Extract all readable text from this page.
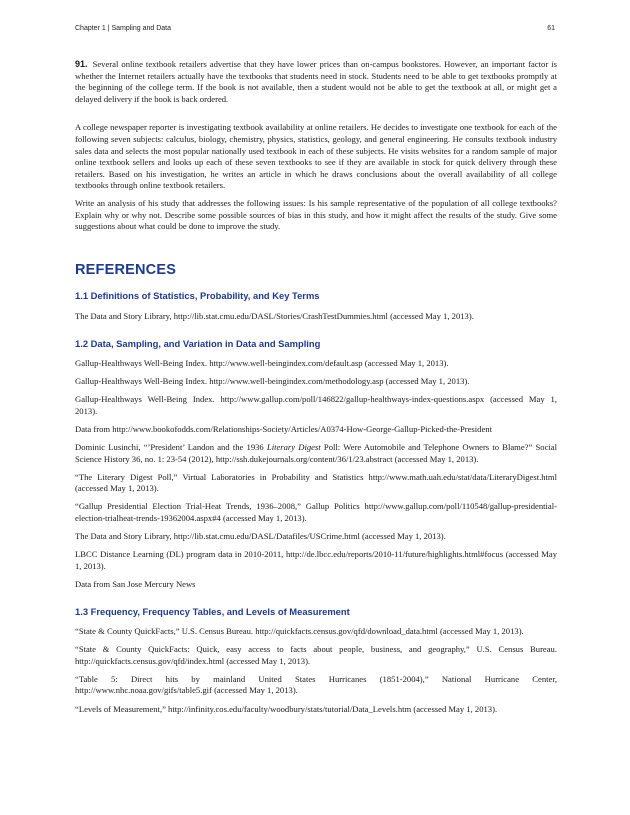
Chapter 1 | Sampling and Data	61

91. Several online textbook retailers advertise that they have lower prices than on-campus bookstores. However, an important factor is whether the Internet retailers actually have the textbooks that students need in stock. Students need to be able to get textbooks promptly at the beginning of the college term. If the book is not available, then a student would not be able to get the textbook at all, or might get a delayed delivery if the book is back ordered.

A college newspaper reporter is investigating textbook availability at online retailers. He decides to investigate one textbook for each of the following seven subjects: calculus, biology, chemistry, physics, statistics, geology, and general engineering. He consults textbook industry sales data and selects the most popular nationally used textbook in each of these subjects. He visits websites for a random sample of major online textbook sellers and looks up each of these seven textbooks to see if they are available in stock for quick delivery through these retailers. Based on his investigation, he writes an article in which he draws conclusions about the overall availability of all college textbooks through online textbook retailers.

Write an analysis of his study that addresses the following issues: Is his sample representative of the population of all college textbooks? Explain why or why not. Describe some possible sources of bias in this study, and how it might affect the results of the study. Give some suggestions about what could be done to improve the study.

REFERENCES
1.1 Definitions of Statistics, Probability, and Key Terms

The Data and Story Library, http://lib.stat.cmu.edu/DASL/Stories/CrashTestDummies.html (accessed May 1, 2013).

1.2 Data, Sampling, and Variation in Data and Sampling

Gallup-Healthways Well-Being Index. http://www.well-beingindex.com/default.asp (accessed May 1, 2013).

Gallup-Healthways Well-Being Index. http://www.well-beingindex.com/methodology.asp (accessed May 1, 2013).

Gallup-Healthways Well-Being Index. http://www.gallup.com/poll/146822/gallup-healthways-index-questions.aspx (accessed May 1, 2013).

Data from http://www.bookofodds.com/Relationships-Society/Articles/A0374-How-George-Gallup-Picked-the-President

Dominic Lusinchi, “’President’ Landon and the 1936 Literary Digest Poll: Were Automobile and Telephone Owners to Blame?” Social Science History 36, no. 1: 23-54 (2012), http://ssh.dukejournals.org/content/36/1/23.abstract (accessed May 1, 2013).

“The Literary Digest Poll,” Virtual Laboratories in Probability and Statistics http://www.math.uah.edu/stat/data/LiteraryDigest.html (accessed May 1, 2013).

“Gallup Presidential Election Trial-Heat Trends, 1936–2008,” Gallup Politics http://www.gallup.com/poll/110548/gallup-presidential-election-trialheat-trends-19362004.aspx#4 (accessed May 1, 2013).

The Data and Story Library, http://lib.stat.cmu.edu/DASL/Datafiles/USCrime.html (accessed May 1, 2013).

LBCC Distance Learning (DL) program data in 2010-2011, http://de.lbcc.edu/reports/2010-11/future/highlights.html#focus (accessed May 1, 2013).

Data from San Jose Mercury News

1.3 Frequency, Frequency Tables, and Levels of Measurement

“State & County QuickFacts,” U.S. Census Bureau. http://quickfacts.census.gov/qfd/download_data.html (accessed May 1, 2013).

“State & County QuickFacts: Quick, easy access to facts about people, business, and geography,” U.S. Census Bureau. http://quickfacts.census.gov/qfd/index.html (accessed May 1, 2013).

“Table 5: Direct hits by mainland United States Hurricanes (1851-2004),” National Hurricane Center, http://www.nhc.noaa.gov/gifs/table5.gif (accessed May 1, 2013).

“Levels of Measurement,” http://infinity.cos.edu/faculty/woodbury/stats/tutorial/Data_Levels.htm (accessed May 1, 2013).
